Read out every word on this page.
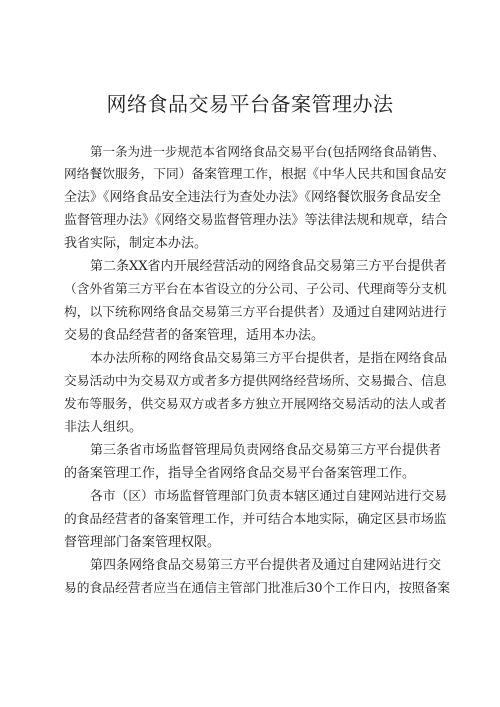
网络食品交易平台备案管理办法

第一条为进一步规范本省网络食品交易平台(包括网络食品销售、
网络餐饮服务，下同）备案管理工作，根据《中华人民共和国食品安
全法》《网络食品安全违法行为查处办法》《网络餐饮服务食品安全
监督管理办法》《网络交易监督管理办法》等法律法规和规章，结合
我省实际，制定本办法。

第二条XX省内开展经营活动的网络食品交易第三方平台提供者
（含外省第三方平台在本省设立的分公司、子公司、代理商等分支机
构，以下统称网络食品交易第三方平台提供者）及通过自建网站进行
交易的食品经营者的备案管理，适用本办法。

本办法所称的网络食品交易第三方平台提供者，是指在网络食品
交易活动中为交易双方或者多方提供网络经营场所、交易撮合、信息
发布等服务，供交易双方或者多方独立开展网络交易活动的法人或者
非法人组织。

第三条省市场监督管理局负责网络食品交易第三方平台提供者
的备案管理工作，指导全省网络食品交易平台备案管理工作。

各市（区）市场监督管理部门负责本辖区通过自建网站进行交易
的食品经营者的备案管理工作，并可结合本地实际，确定区县市场监
督管理部门备案管理权限。

第四条网络食品交易第三方平台提供者及通过自建网站进行交
易的食品经营者应当在通信主管部门批准后30个工作日内，按照备案
